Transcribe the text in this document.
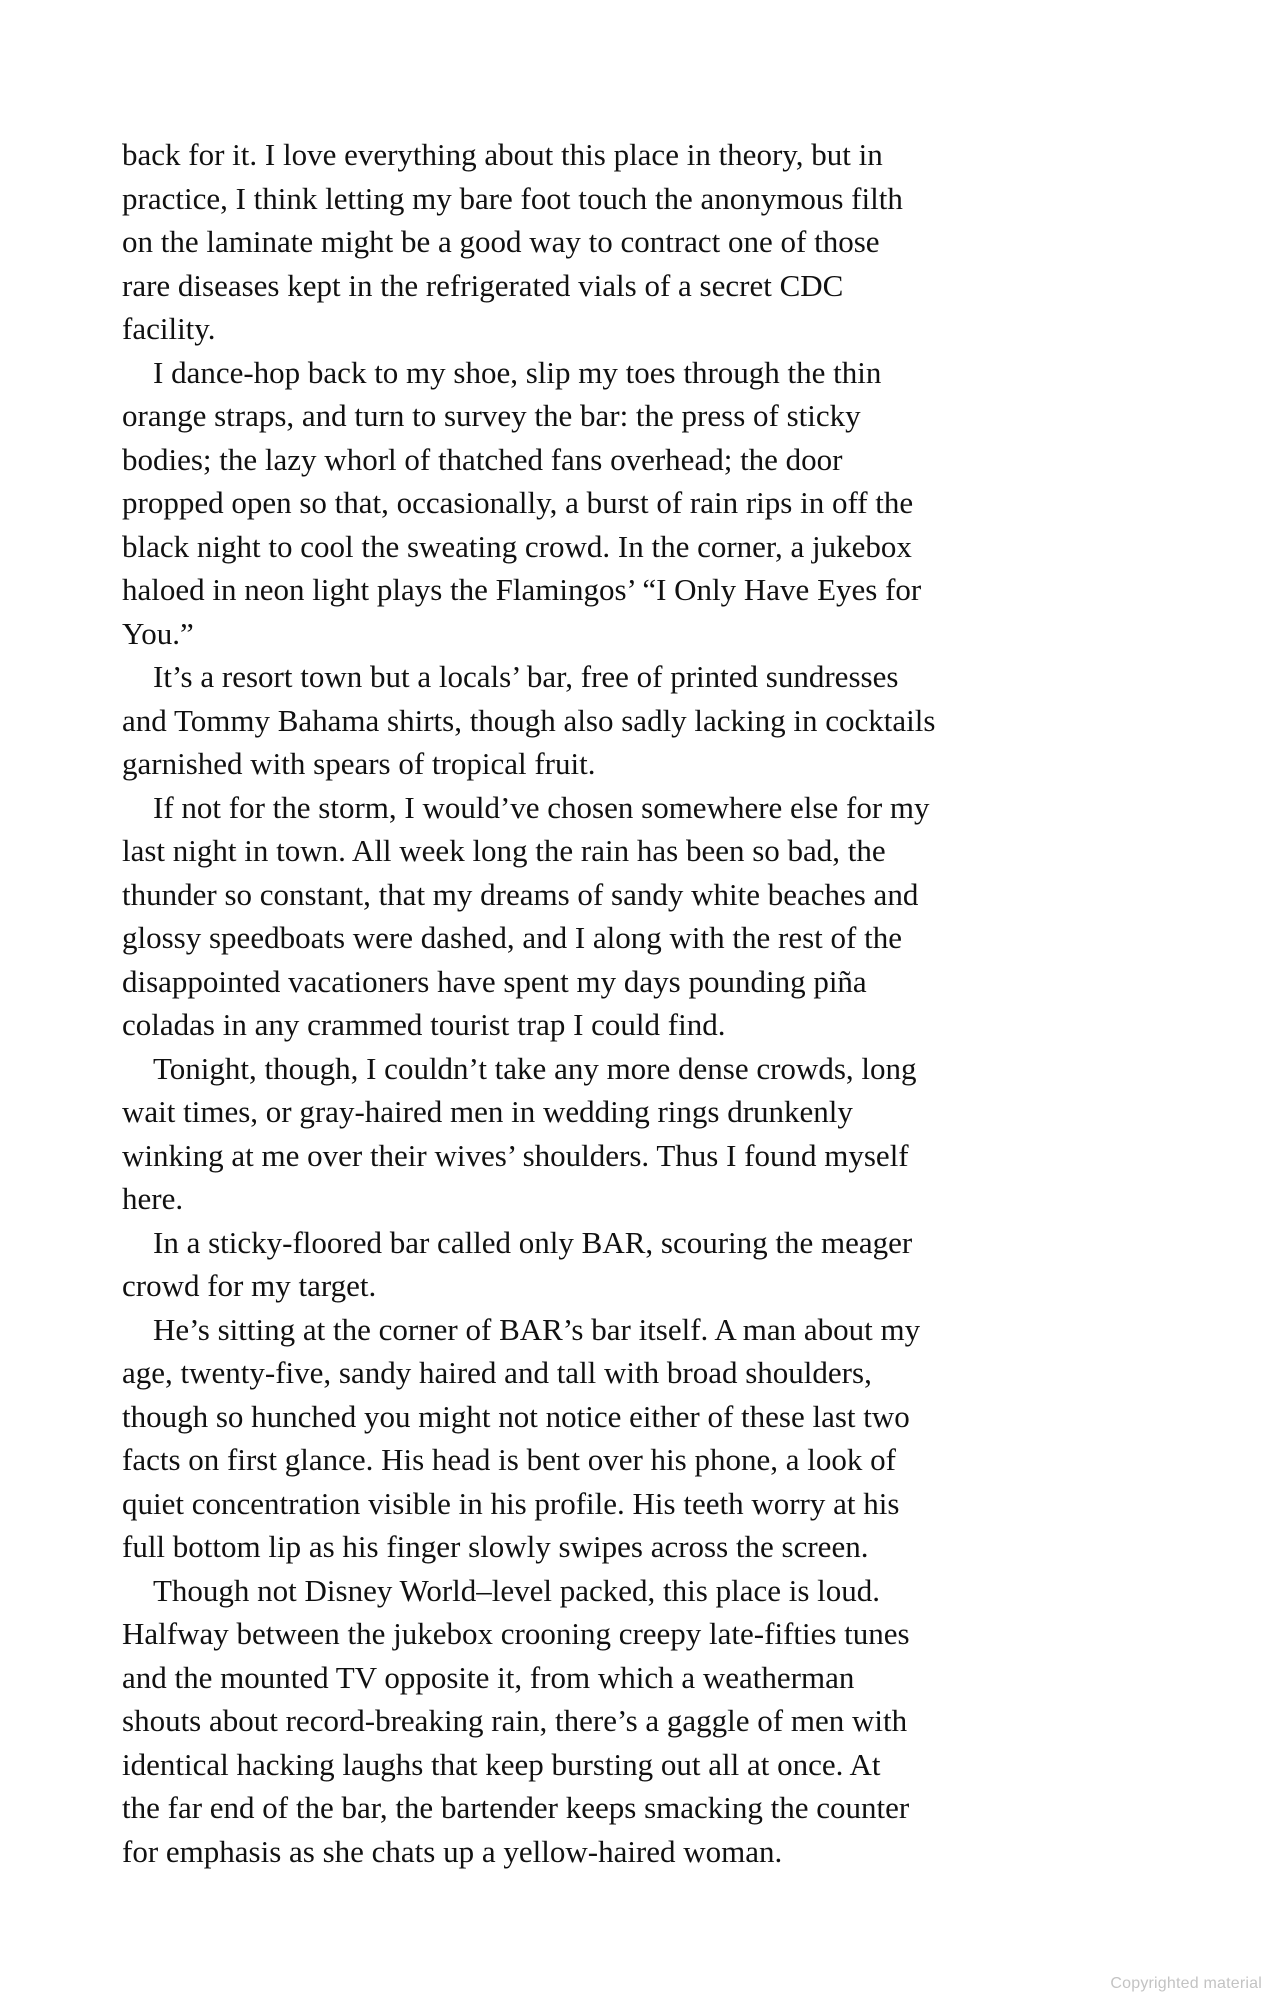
back for it. I love everything about this place in theory, but in
practice, I think letting my bare foot touch the anonymous filth
on the laminate might be a good way to contract one of those
rare diseases kept in the refrigerated vials of a secret CDC
facility.
I dance-hop back to my shoe, slip my toes through the thin
orange straps, and turn to survey the bar: the press of sticky
bodies; the lazy whorl of thatched fans overhead; the door
propped open so that, occasionally, a burst of rain rips in off the
black night to cool the sweating crowd. In the corner, a jukebox
haloed in neon light plays the Flamingos’ “I Only Have Eyes for
You.”
It’s a resort town but a locals’ bar, free of printed sundresses
and Tommy Bahama shirts, though also sadly lacking in cocktails
garnished with spears of tropical fruit.
If not for the storm, I would’ve chosen somewhere else for my
last night in town. All week long the rain has been so bad, the
thunder so constant, that my dreams of sandy white beaches and
glossy speedboats were dashed, and I along with the rest of the
disappointed vacationers have spent my days pounding piña
coladas in any crammed tourist trap I could find.
Tonight, though, I couldn’t take any more dense crowds, long
wait times, or gray-haired men in wedding rings drunkenly
winking at me over their wives’ shoulders. Thus I found myself
here.
In a sticky-floored bar called only BAR, scouring the meager
crowd for my target.
He’s sitting at the corner of BAR’s bar itself. A man about my
age, twenty-five, sandy haired and tall with broad shoulders,
though so hunched you might not notice either of these last two
facts on first glance. His head is bent over his phone, a look of
quiet concentration visible in his profile. His teeth worry at his
full bottom lip as his finger slowly swipes across the screen.
Though not Disney World–level packed, this place is loud.
Halfway between the jukebox crooning creepy late-fifties tunes
and the mounted TV opposite it, from which a weatherman
shouts about record-breaking rain, there’s a gaggle of men with
identical hacking laughs that keep bursting out all at once. At
the far end of the bar, the bartender keeps smacking the counter
for emphasis as she chats up a yellow-haired woman.
Copyrighted material
